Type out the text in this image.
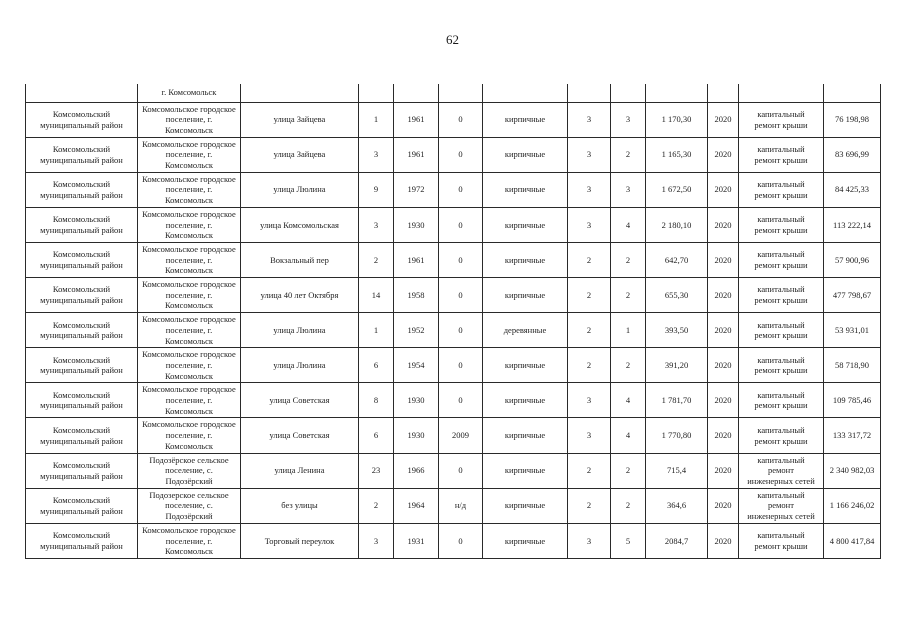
62
	г. Комсомольск											
Комсомольский муниципальный район	Комсомольское городское поселение, г. Комсомольск	улица Зайцева	1	1961	0	кирпичные	3	3	1 170,30	2020	капитальный ремонт крыши	76 198,98
Комсомольский муниципальный район	Комсомольское городское поселение, г. Комсомольск	улица Зайцева	3	1961	0	кирпичные	3	2	1 165,30	2020	капитальный ремонт крыши	83 696,99
Комсомольский муниципальный район	Комсомольское городское поселение, г. Комсомольск	улица Люлина	9	1972	0	кирпичные	3	3	1 672,50	2020	капитальный ремонт крыши	84 425,33
Комсомольский муниципальный район	Комсомольское городское поселение, г. Комсомольск	улица Комсомольская	3	1930	0	кирпичные	3	4	2 180,10	2020	капитальный ремонт крыши	113 222,14
Комсомольский муниципальный район	Комсомольское городское поселение, г. Комсомольск	Вокзальный пер	2	1961	0	кирпичные	2	2	642,70	2020	капитальный ремонт крыши	57 900,96
Комсомольский муниципальный район	Комсомольское городское поселение, г. Комсомольск	улица 40 лет Октября	14	1958	0	кирпичные	2	2	655,30	2020	капитальный ремонт крыши	477 798,67
Комсомольский муниципальный район	Комсомольское городское поселение, г. Комсомольск	улица Люлина	1	1952	0	деревянные	2	1	393,50	2020	капитальный ремонт крыши	53 931,01
Комсомольский муниципальный район	Комсомольское городское поселение, г. Комсомольск	улица Люлина	6	1954	0	кирпичные	2	2	391,20	2020	капитальный ремонт крыши	58 718,90
Комсомольский муниципальный район	Комсомольское городское поселение, г. Комсомольск	улица Советская	8	1930	0	кирпичные	3	4	1 781,70	2020	капитальный ремонт крыши	109 785,46
Комсомольский муниципальный район	Комсомольское городское поселение, г. Комсомольск	улица Советская	6	1930	2009	кирпичные	3	4	1 770,80	2020	капитальный ремонт крыши	133 317,72
Комсомольский муниципальный район	Подозёрское сельское поселение, с. Подозёрский	улица Ленина	23	1966	0	кирпичные	2	2	715,4	2020	капитальный ремонт инженерных сетей	2 340 982,03
Комсомольский муниципальный район	Подозерское сельское поселение, с. Подозёрский	без улицы	2	1964	н/д	кирпичные	2	2	364,6	2020	капитальный ремонт инженерных сетей	1 166 246,02
Комсомольский муниципальный район	Комсомольское городское поселение, г. Комсомольск	Торговый переулок	3	1931	0	кирпичные	3	5	2084,7	2020	капитальный ремонт крыши	4 800 417,84
